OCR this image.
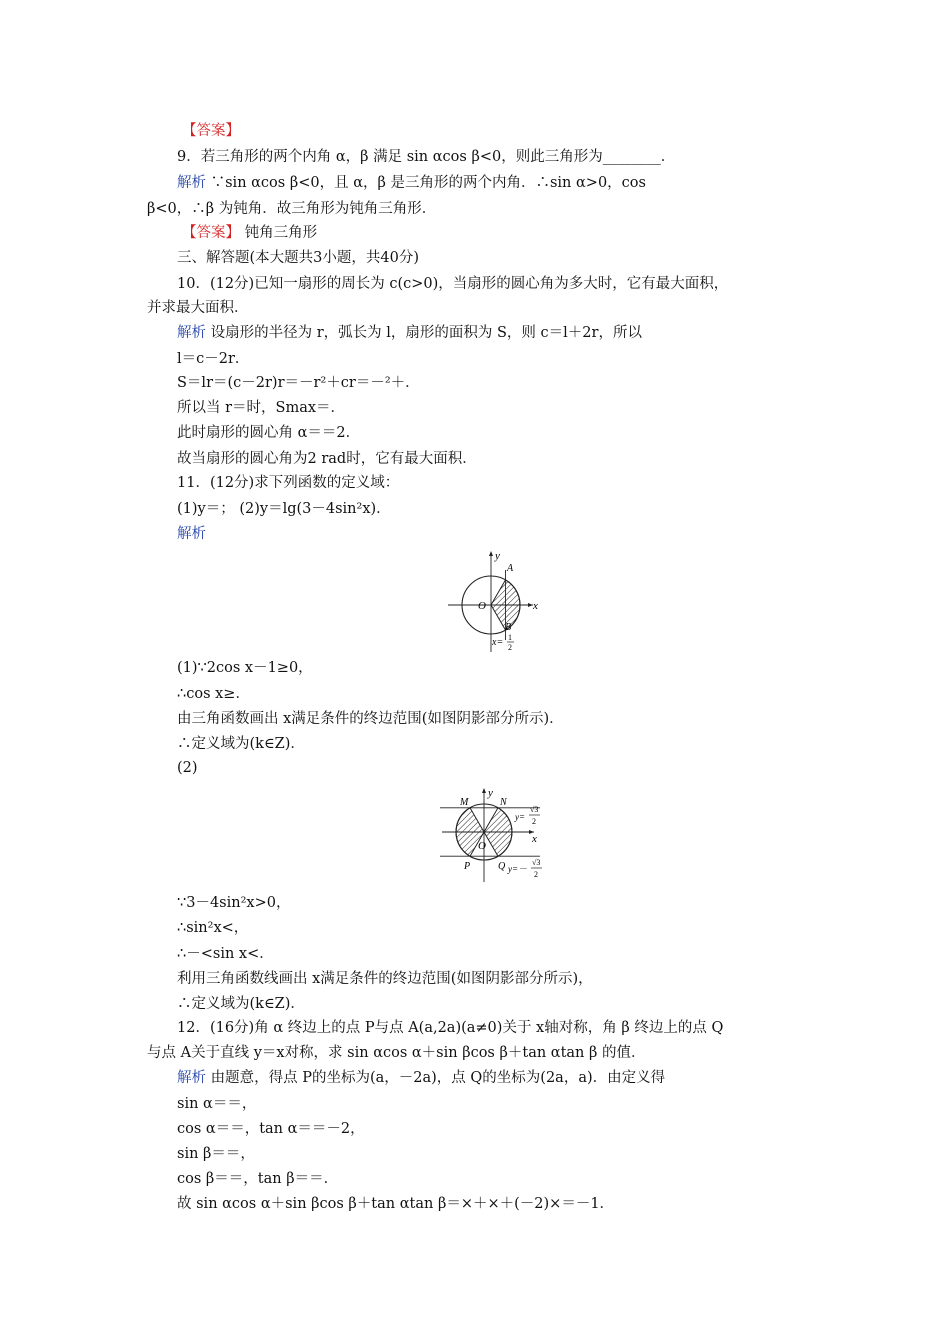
【答案】
9．若三角形的两个内角 α，β 满足 sin αcos β<0，则此三角形为________．
解析 ∵sin αcos β<0，且 α，β 是三角形的两个内角．∴sin α>0，cos
β<0，∴β 为钝角．故三角形为钝角三角形．
【答案】 钝角三角形
三、解答题(本大题共3小题，共40分)
10．(12分)已知一扇形的周长为 c(c>0)，当扇形的圆心角为多大时，它有最大面积，
并求最大面积．
解析 设扇形的半径为 r，弧长为 l，扇形的面积为 S，则 c＝l＋2r，所以
l＝c－2r．
S＝lr＝(c－2r)r＝－r²＋cr＝－²＋．
所以当 r＝时，Smax＝．
此时扇形的圆心角 α＝＝2．
故当扇形的圆心角为2 rad时，它有最大面积．
11．(12分)求下列函数的定义域：
(1)y＝； (2)y＝lg(3－4sin²x)．
解析
y
x
O
A
B
x= 1
2
(1)∵2cos x－1≥0，
∴cos x≥．
由三角函数画出 x满足条件的终边范围(如图阴影部分所示)．
∴定义域为(k∈Z)．
(2)
y
x
O
M	N
P	Q
y=
√3
2
y=－
√3
2
∵3－4sin²x>0，
∴sin²x<，
∴－<sin x<．
利用三角函数线画出 x满足条件的终边范围(如图阴影部分所示)，
∴定义域为(k∈Z)．
12．(16分)角 α 终边上的点 P与点 A(a,2a)(a≠0)关于 x轴对称，角 β 终边上的点 Q
与点 A关于直线 y＝x对称，求 sin αcos α＋sin βcos β＋tan αtan β 的值．
解析 由题意，得点 P的坐标为(a，－2a)，点 Q的坐标为(2a，a)．由定义得
sin α＝＝，
cos α＝＝，tan α＝＝－2，
sin β＝＝，
cos β＝＝，tan β＝＝．
故 sin αcos α＋sin βcos β＋tan αtan β＝×＋×＋(－2)×＝－1．
